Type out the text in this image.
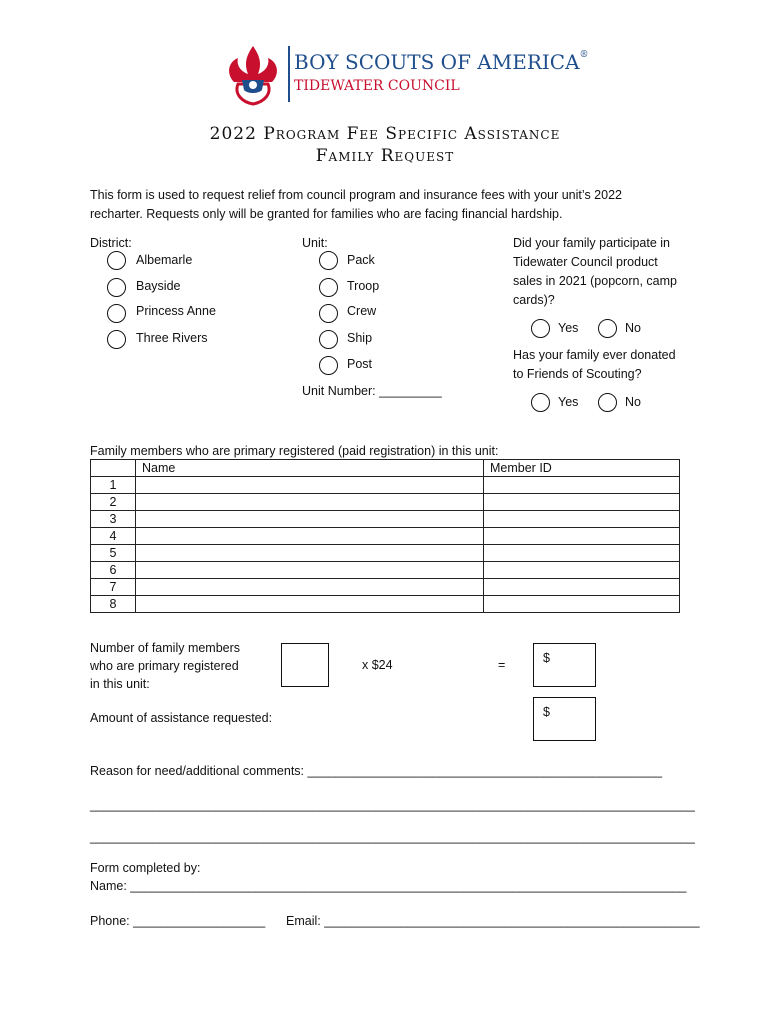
BOY SCOUTS OF AMERICA®
TIDEWATER COUNCIL
2022 Program Fee Specific Assistance
Family Request
This form is used to request relief from council program and insurance fees with your unit’s 2022
recharter. Requests only will be granted for families who are facing financial hardship.
District:
Albemarle
Bayside
Princess Anne
Three Rivers
Unit:
Pack
Troop
Crew
Ship
Post
Unit Number: _________
Did your family participate in
Tidewater Council product
sales in 2021 (popcorn, camp
cards)?
Yes	No
Has your family ever donated
to Friends of Scouting?
Yes	No
Family members who are primary registered (paid registration) in this unit:
	Name	Member ID
1		
2		
3		
4		
5		
6		
7		
8		
Number of family members
who are primary registered
in this unit:
x $24	=	$
Amount of assistance requested:	$
Reason for need/additional comments: ___________________________________________________
_______________________________________________________________________________________
_______________________________________________________________________________________
Form completed by:
Name: ________________________________________________________________________________
Phone: ___________________ Email: ______________________________________________________
